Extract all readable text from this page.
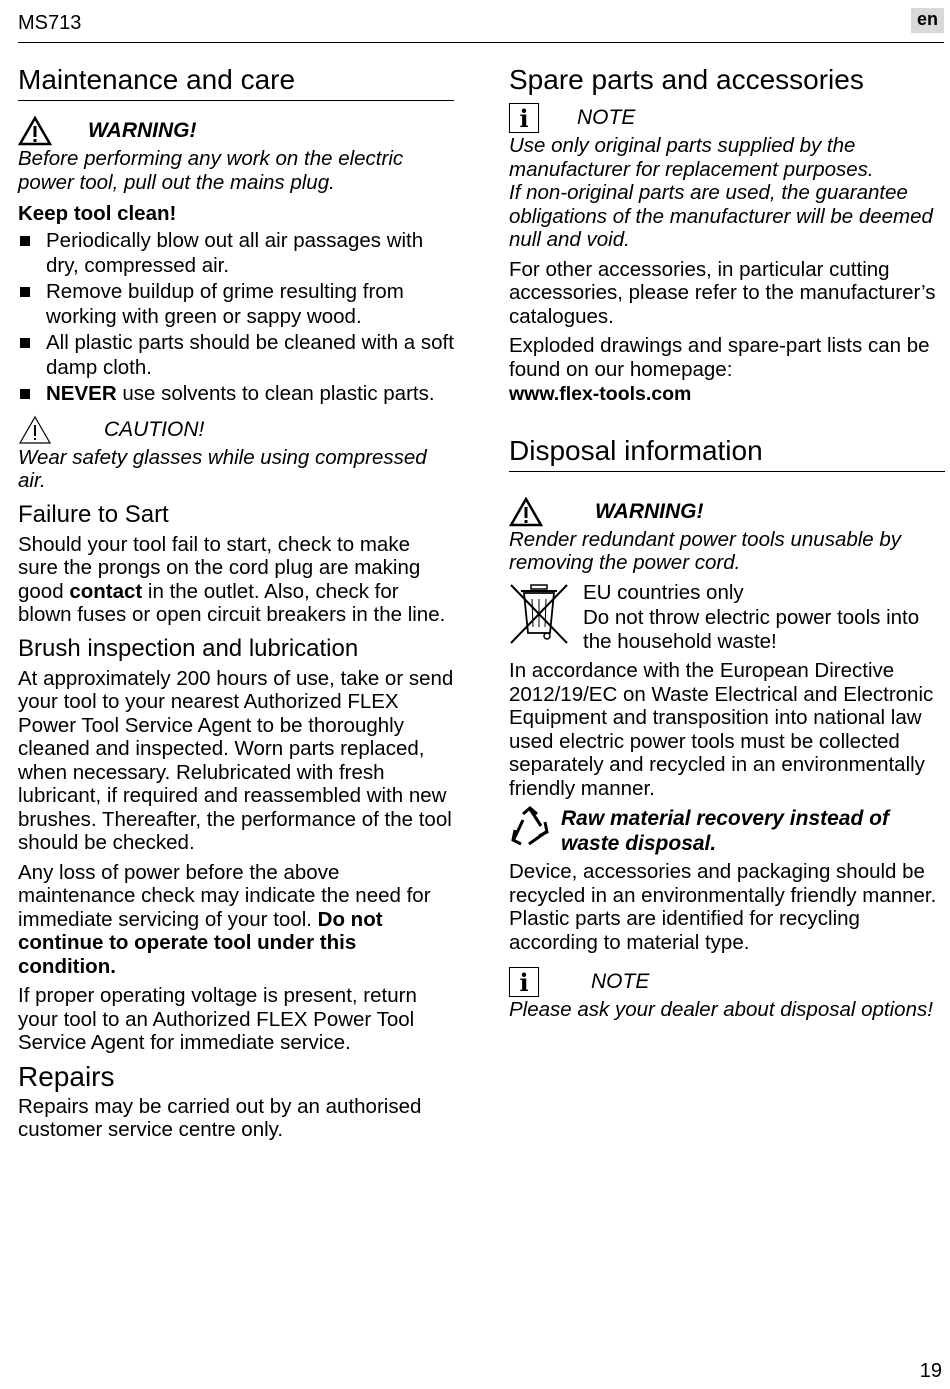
MS713	en
Maintenance and care
WARNING!

Before performing any work on the electric power tool, pull out the mains plug.

Keep tool clean!

Periodically blow out all air passages with dry, compressed air.
Remove buildup of grime resulting from working with green or sappy wood.
All plastic parts should be cleaned with a soft damp cloth.
NEVER use solvents to clean plastic parts.
CAUTION!

Wear safety glasses while using compressed air.

Failure to Sart

Should your tool fail to start, check to make sure the prongs on the cord plug are making good contact in the outlet. Also, check for blown fuses or open circuit breakers in the line.

Brush inspection and lubrication

At approximately 200 hours of use, take or send your tool to your nearest Authorized FLEX Power Tool Service Agent to be thoroughly cleaned and inspected. Worn parts replaced, when necessary. Relubricated with fresh lubricant, if required and reassembled with new brushes. Thereafter, the performance of the tool should be checked.

Any loss of power before the above maintenance check may indicate the need for immediate servicing of your tool. Do not continue to operate tool under this condition.

If proper operating voltage is present, return your tool to an Authorized FLEX Power Tool Service Agent for immediate service.

Repairs

Repairs may be carried out by an authorised customer service centre only.

Spare parts and accessories
i	NOTE

Use only original parts supplied by the manufacturer for replacement purposes.

If non-original parts are used, the guarantee obligations of the manufacturer will be deemed null and void.

For other accessories, in particular cutting accessories, please refer to the manufacturer’s catalogues.

Exploded drawings and spare-part lists can be found on our homepage:

www.flex-tools.com

Disposal information
WARNING!

Render redundant power tools unusable by removing the power cord.

EU countries only

Do not throw electric power tools into the household waste!

In accordance with the European Directive 2012/19/EC on Waste Electrical and Electronic Equipment and transposition into national law used electric power tools must be collected separately and recycled in an environmentally friendly manner.

Raw material recovery instead of waste disposal.

Device, accessories and packaging should be recycled in an environmentally friendly manner. Plastic parts are identified for recycling according to material type.

i	NOTE

Please ask your dealer about disposal options!

19
